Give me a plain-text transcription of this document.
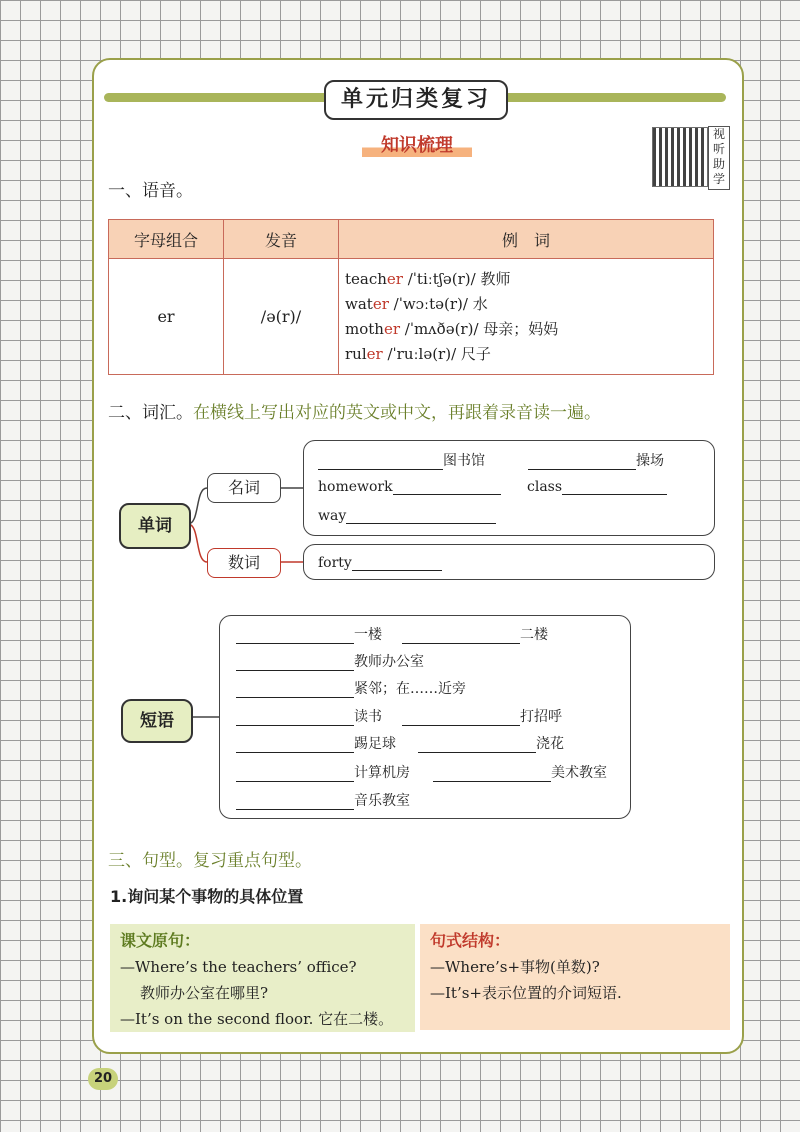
单元归类复习
知识梳理
视听助学
一、语音。
字母组合	发音	例　词
er	/ə(r)/	teacher /ˈtiːtʃə(r)/ 教师
water /ˈwɔːtə(r)/ 水
mother /ˈmʌðə(r)/ 母亲；妈妈
ruler /ˈruːlə(r)/ 尺子
二、词汇。在横线上写出对应的英文或中文，再跟着录音读一遍。
单词
名词
数词
图书馆	操场
homework	class
way
forty
短语
一楼	二楼
教师办公室
紧邻；在……近旁
读书	打招呼
踢足球	浇花
计算机房	美术教室
音乐教室
三、句型。复习重点句型。
1.询问某个事物的具体位置
课文原句：
—Where’s the teachers’ office?
教师办公室在哪里?
—It’s on the second floor. 它在二楼。
句式结构：
—Where’s+事物(单数)?
—It’s+表示位置的介词短语.
20
